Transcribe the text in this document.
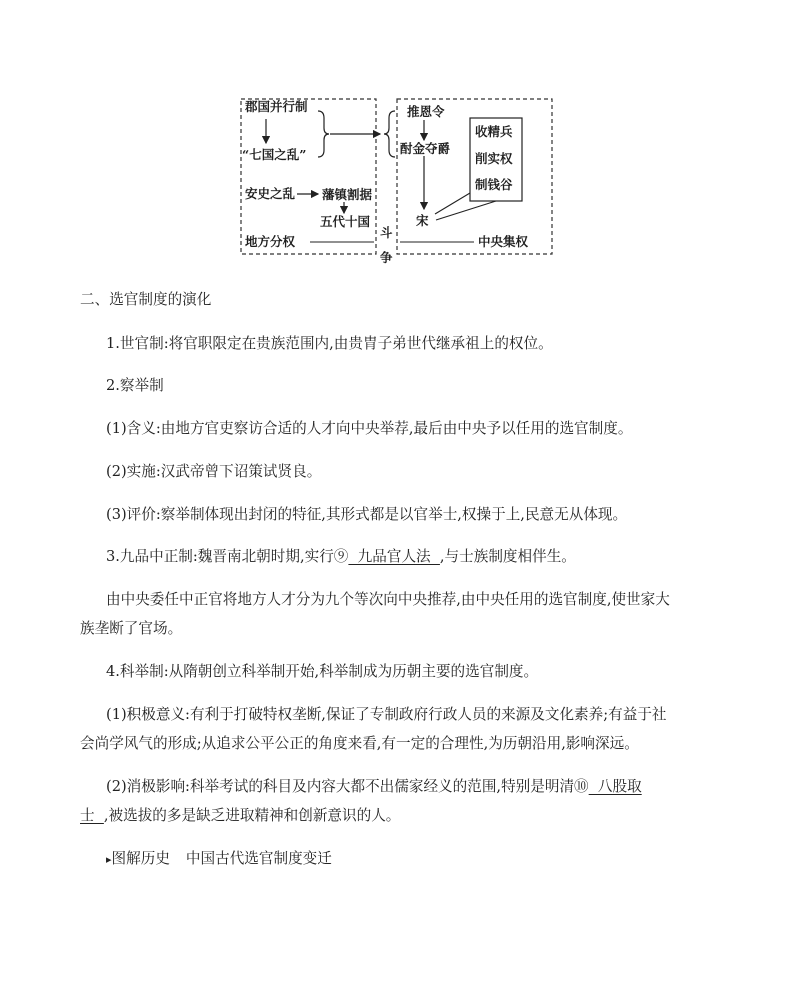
郡国并行制
“七国之乱”
安史之乱 藩镇割据
五代十国
地方分权
推恩令
酎金夺爵
宋
收精兵
削实权
制钱谷
中央集权
斗
争
二、选官制度的演化
1.世官制:将官职限定在贵族范围内,由贵胄子弟世代继承祖上的权位。
2.察举制
(1)含义:由地方官吏察访合适的人才向中央举荐,最后由中央予以任用的选官制度。
(2)实施:汉武帝曾下诏策试贤良。
(3)评价:察举制体现出封闭的特征,其形式都是以官举士,权操于上,民意无从体现。
3.九品中正制:魏晋南北朝时期,实行⑨  九品官人法  ,与士族制度相伴生。
由中央委任中正官将地方人才分为九个等次向中央推荐,由中央任用的选官制度,使世家大
族垄断了官场。
4.科举制:从隋朝创立科举制开始,科举制成为历朝主要的选官制度。
(1)积极意义:有利于打破特权垄断,保证了专制政府行政人员的来源及文化素养;有益于社
会尚学风气的形成;从追求公平公正的角度来看,有一定的合理性,为历朝沿用,影响深远。
(2)消极影响:科举考试的科目及内容大都不出儒家经义的范围,特别是明清⑩  八股取
士  ,被选拔的多是缺乏进取精神和创新意识的人。
▸图解历史 中国古代选官制度变迁
